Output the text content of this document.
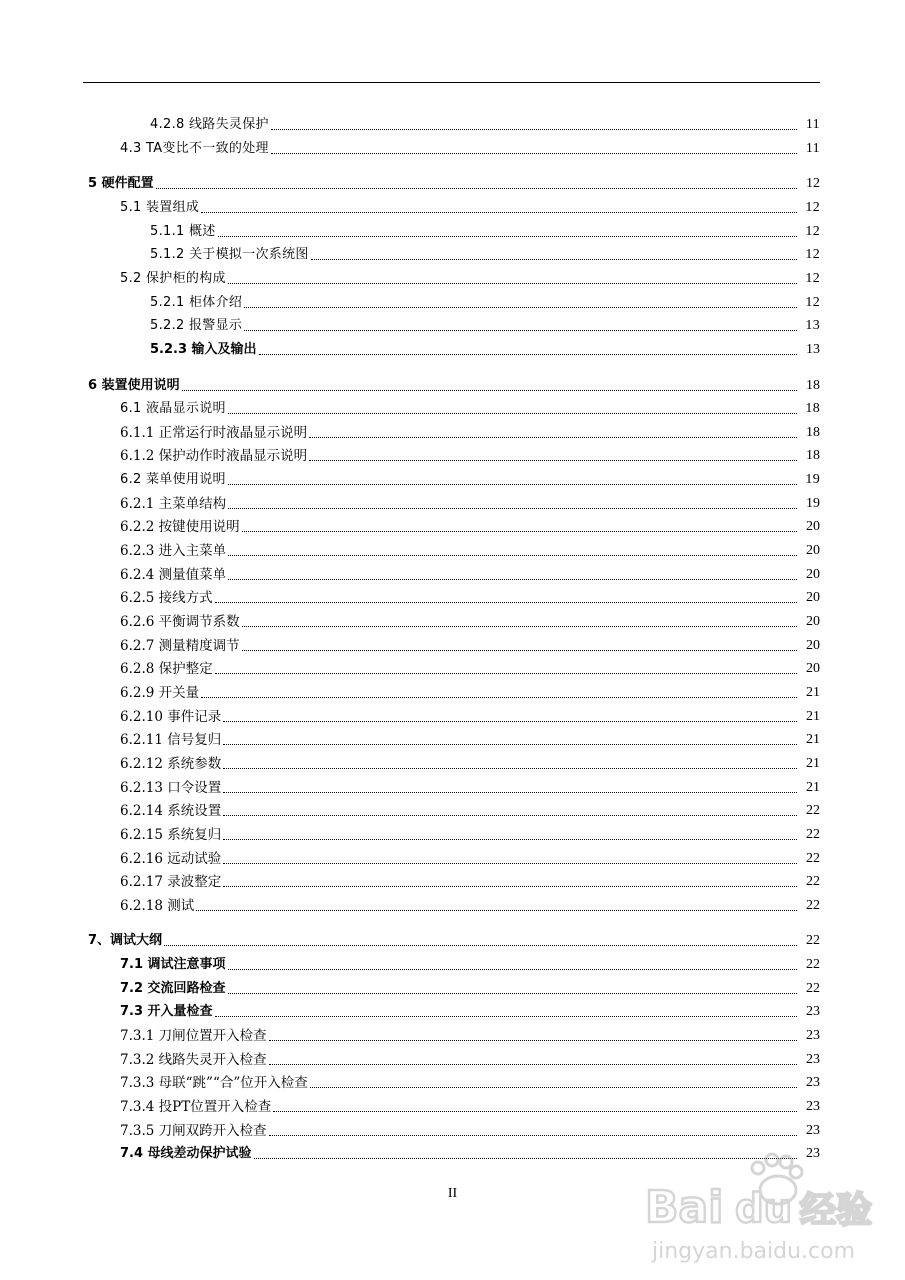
4.2.8 线路失灵保护	11
4.3 TA变比不一致的处理	11
5 硬件配置	12
5.1 装置组成	12
5.1.1 概述	12
5.1.2 关于模拟一次系统图	12
5.2 保护柜的构成	12
5.2.1 柜体介绍	12
5.2.2 报警显示	13
5.2.3 输入及输出	13
6 装置使用说明	18
6.1 液晶显示说明	18
6.1.1 正常运行时液晶显示说明	18
6.1.2 保护动作时液晶显示说明	18
6.2 菜单使用说明	19
6.2.1 主菜单结构	19
6.2.2 按键使用说明	20
6.2.3 进入主菜单	20
6.2.4 测量值菜单	20
6.2.5 接线方式	20
6.2.6 平衡调节系数	20
6.2.7 测量精度调节	20
6.2.8 保护整定	20
6.2.9 开关量	21
6.2.10 事件记录	21
6.2.11 信号复归	21
6.2.12 系统参数	21
6.2.13 口令设置	21
6.2.14 系统设置	22
6.2.15 系统复归	22
6.2.16 远动试验	22
6.2.17 录波整定	22
6.2.18 测试	22
7、调试大纲	22
7.1 调试注意事项	22
7.2 交流回路检查	22
7.3 开入量检查	23
7.3.1 刀闸位置开入检查	23
7.3.2 线路失灵开入检查	23
7.3.3 母联“跳”“合”位开入检查	23
7.3.4 投PT位置开入检查	23
7.3.5 刀闸双跨开入检查	23
7.4 母线差动保护试验	23
II	Bai du 经验
jingyan.baidu.com
